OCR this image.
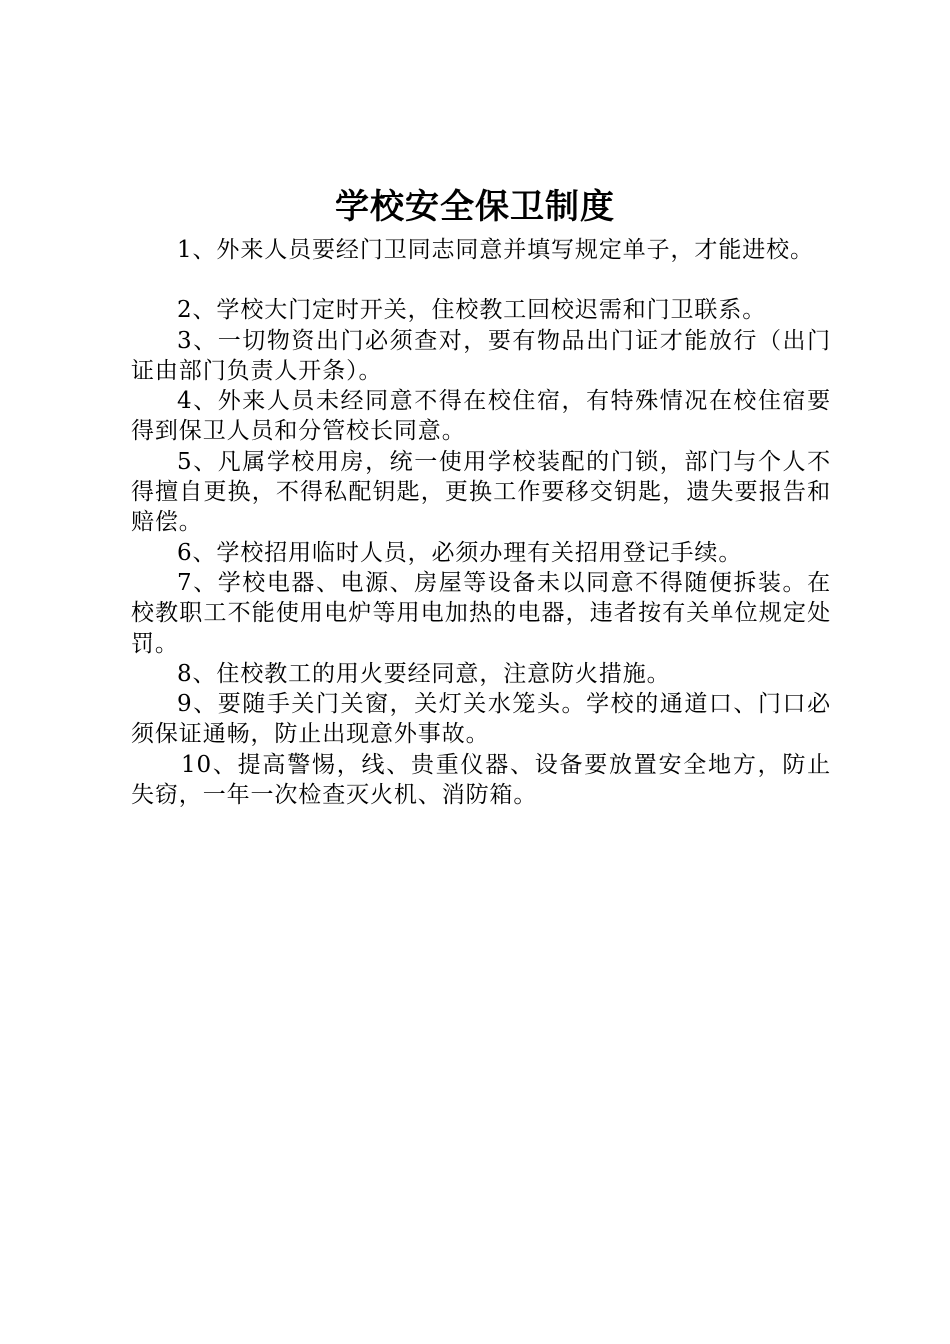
学校安全保卫制度

1、外来人员要经门卫同志同意并填写规定单子，才能进校。

2、学校大门定时开关，住校教工回校迟需和门卫联系。

3、一切物资出门必须查对，要有物品出门证才能放行（出门证由部门负责人开条）。

4、外来人员未经同意不得在校住宿，有特殊情况在校住宿要得到保卫人员和分管校长同意。

5、凡属学校用房，统一使用学校装配的门锁，部门与个人不得擅自更换，不得私配钥匙，更换工作要移交钥匙，遗失要报告和赔偿。

6、学校招用临时人员，必须办理有关招用登记手续。

7、学校电器、电源、房屋等设备未以同意不得随便拆装。在校教职工不能使用电炉等用电加热的电器，违者按有关单位规定处罚。

8、住校教工的用火要经同意，注意防火措施。

9、要随手关门关窗，关灯关水笼头。学校的通道口、门口必须保证通畅，防止出现意外事故。

10、提高警惕，线、贵重仪器、设备要放置安全地方，防止失窃，一年一次检查灭火机、消防箱。
